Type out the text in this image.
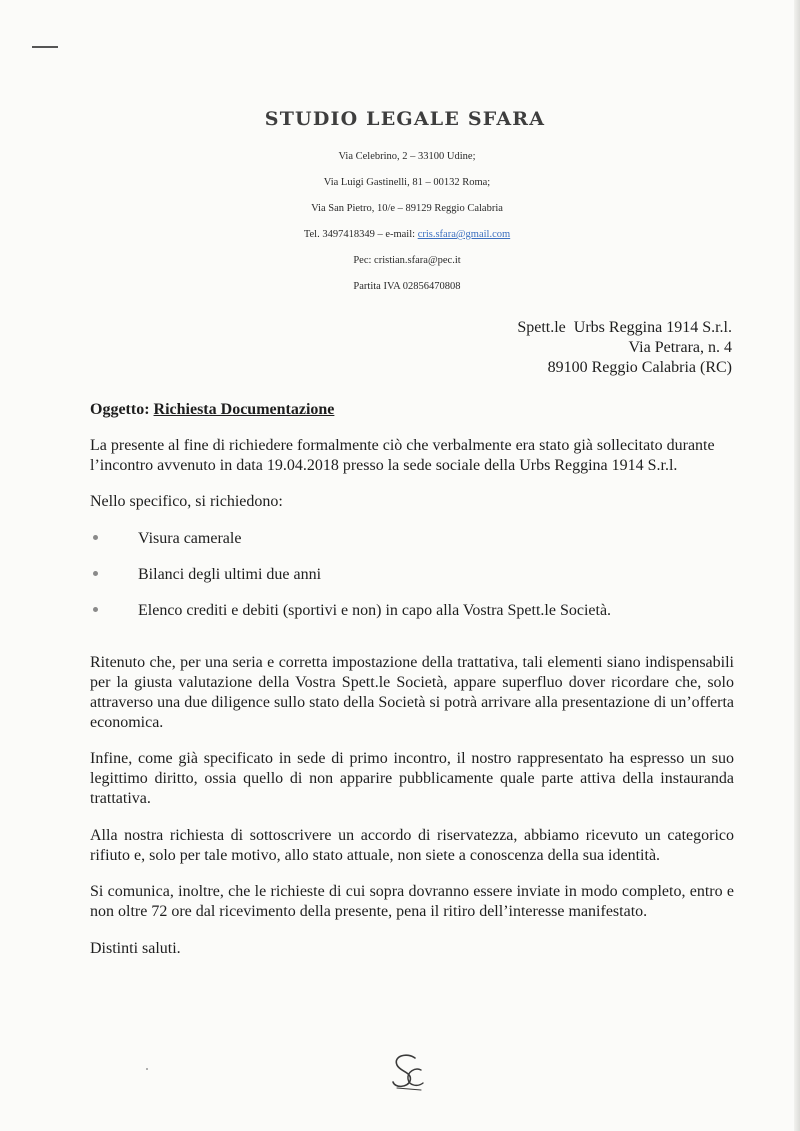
STUDIO LEGALE SFARA
Via Celebrino, 2 – 33100 Udine;
Via Luigi Gastinelli, 81 – 00132 Roma;
Via San Pietro, 10/e – 89129 Reggio Calabria
Tel. 3497418349 – e-mail: cris.sfara@gmail.com
Pec: cristian.sfara@pec.it
Partita IVA 02856470808
Spett.le  Urbs Reggina 1914 S.r.l.
Via Petrara, n. 4
89100 Reggio Calabria (RC)
Oggetto: Richiesta Documentazione

La presente al fine di richiedere formalmente ciò che verbalmente era stato già sollecitato durante l’incontro avvenuto in data 19.04.2018 presso la sede sociale della Urbs Reggina 1914 S.r.l.

Nello specifico, si richiedono:

Visura camerale
Bilanci degli ultimi due anni
Elenco crediti e debiti (sportivi e non) in capo alla Vostra Spett.le Società.

Ritenuto che, per una seria e corretta impostazione della trattativa, tali elementi siano indispensabili per la giusta valutazione della Vostra Spett.le Società, appare superfluo dover ricordare che, solo attraverso una due diligence sullo stato della Società si potrà arrivare alla presentazione di un’offerta economica.

Infine, come già specificato in sede di primo incontro, il nostro rappresentato ha espresso un suo legittimo diritto, ossia quello di non apparire pubblicamente quale parte attiva della instauranda trattativa.

Alla nostra richiesta di sottoscrivere un accordo di riservatezza, abbiamo ricevuto un categorico rifiuto e, solo per tale motivo, allo stato attuale, non siete a conoscenza della sua identità.

Si comunica, inoltre, che le richieste di cui sopra dovranno essere inviate in modo completo, entro e non oltre 72 ore dal ricevimento della presente, pena il ritiro dell’interesse manifestato.

Distinti saluti.
